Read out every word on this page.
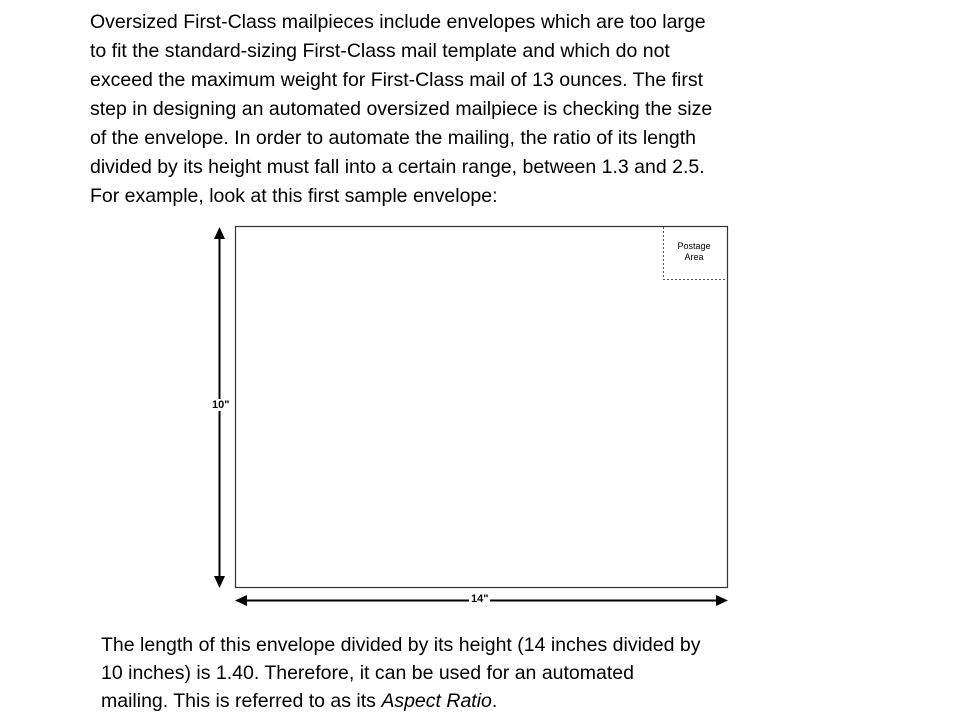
Oversized First-Class mailpieces include envelopes which are too large
to fit the standard-sizing First-Class mail template and which do not
exceed the maximum weight for First-Class mail of 13 ounces. The first
step in designing an automated oversized mailpiece is checking the size
of the envelope. In order to automate the mailing, the ratio of its length
divided by its height must fall into a certain range, between 1.3 and 2.5.
For example, look at this first sample envelope:

10"
14"
Postage
Area

The length of this envelope divided by its height (14 inches divided by
10 inches) is 1.40. Therefore, it can be used for an automated
mailing. This is referred to as its Aspect Ratio.
